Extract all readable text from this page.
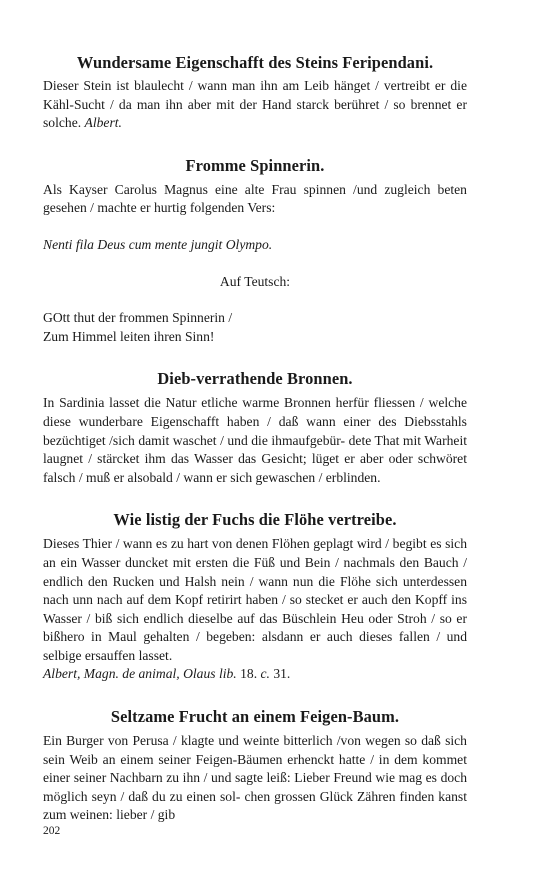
Wundersame Eigenschafft des Steins Feripendani.

Dieser Stein ist blaulecht / wann man ihn am Leib hänget / vertreibt er die Kähl-Sucht / da man ihn aber mit der Hand starck berühret / so brennet er solche. Albert.

Fromme Spinnerin.

Als Kayser Carolus Magnus eine alte Frau spinnen /und zugleich beten gesehen / machte er hurtig folgenden Vers:

Nenti fila Deus cum mente jungit Olympo.
Auf Teutsch:
GOtt thut der frommen Spinnerin /
Zum Himmel leiten ihren Sinn!
Dieb-verrathende Bronnen.

In Sardinia lasset die Natur etliche warme Bronnen herfür fliessen / welche diese wunderbare Eigenschafft haben / daß wann einer des Diebsstahls bezüchtiget /sich damit waschet / und die ihmaufgebür- dete That mit Warheit laugnet / stärcket ihm das Wasser das Gesicht; lüget er aber oder schwöret falsch / muß er alsobald / wann er sich gewaschen / erblinden.

Wie listig der Fuchs die Flöhe vertreibe.

Dieses Thier / wann es zu hart von denen Flöhen geplagt wird / begibt es sich an ein Wasser duncket mit ersten die Füß und Bein / nachmals den Bauch / endlich den Rucken und Halsh nein / wann nun die Flöhe sich unterdessen nach unn nach auf dem Kopf retirirt haben / so stecket er auch den Kopff ins Wasser / biß sich endlich dieselbe auf das Büschlein Heu oder Stroh / so er bißhero in Maul gehalten / begeben: alsdann er auch dieses fallen / und selbige ersauffen lasset.

Albert, Magn. de animal, Olaus lib. 18. c. 31.

Seltzame Frucht an einem Feigen-Baum.

Ein Burger von Perusa / klagte und weinte bitterlich /von wegen so daß sich sein Weib an einem seiner Feigen-Bäumen erhenckt hatte / in dem kommet einer seiner Nachbarn zu ihn / und sagte leiß: Lieber Freund wie mag es doch möglich seyn / daß du zu einen sol- chen grossen Glück Zähren finden kanst zum weinen: lieber / gib

202
